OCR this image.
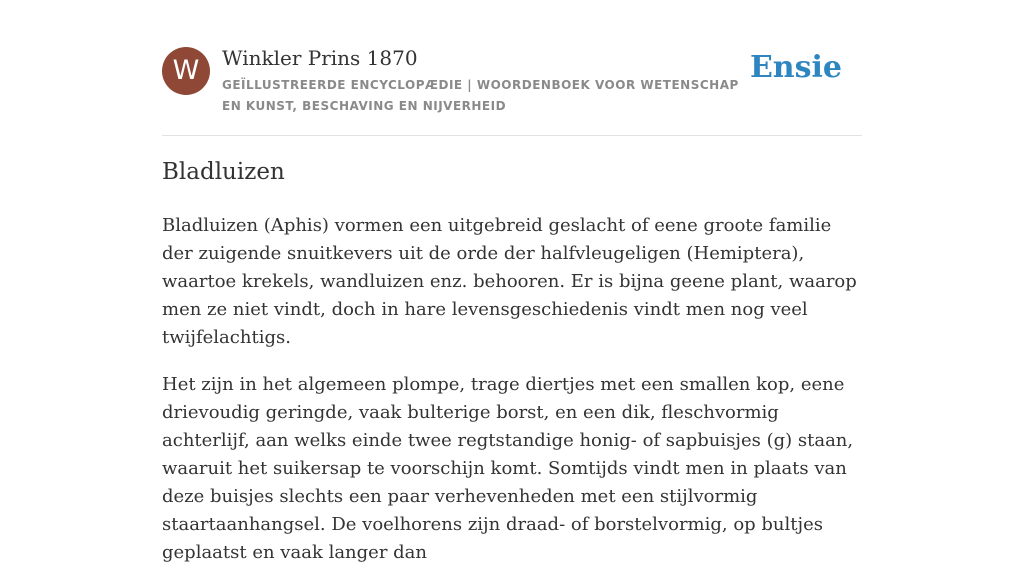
W	Winkler Prins 1870
GEÏLLUSTREERDE ENCYCLOPÆDIE | WOORDENBOEK VOOR WETENSCHAP EN KUNST, BESCHAVING EN NIJVERHEID
Ensie
Bladluizen

Bladluizen (Aphis) vormen een uitgebreid geslacht of eene groote familie der zuigende snuitkevers uit de orde der halfvleugeligen (Hemiptera), waartoe krekels, wandluizen enz. behooren. Er is bijna geene plant, waarop men ze niet vindt, doch in hare levensgeschiedenis vindt men nog veel twijfelachtigs.

Het zijn in het algemeen plompe, trage diertjes met een smallen kop, eene drievoudig geringde, vaak bulterige borst, en een dik, fleschvormig achterlijf, aan welks einde twee regtstandige honig- of sapbuisjes (g) staan, waaruit het suikersap te voorschijn komt. Somtijds vindt men in plaats van deze buisjes slechts een paar verhevenheden met een stijlvormig staartaanhangsel. De voelhorens zijn draad- of borstelvormig, op bultjes geplaatst en vaak langer dan
